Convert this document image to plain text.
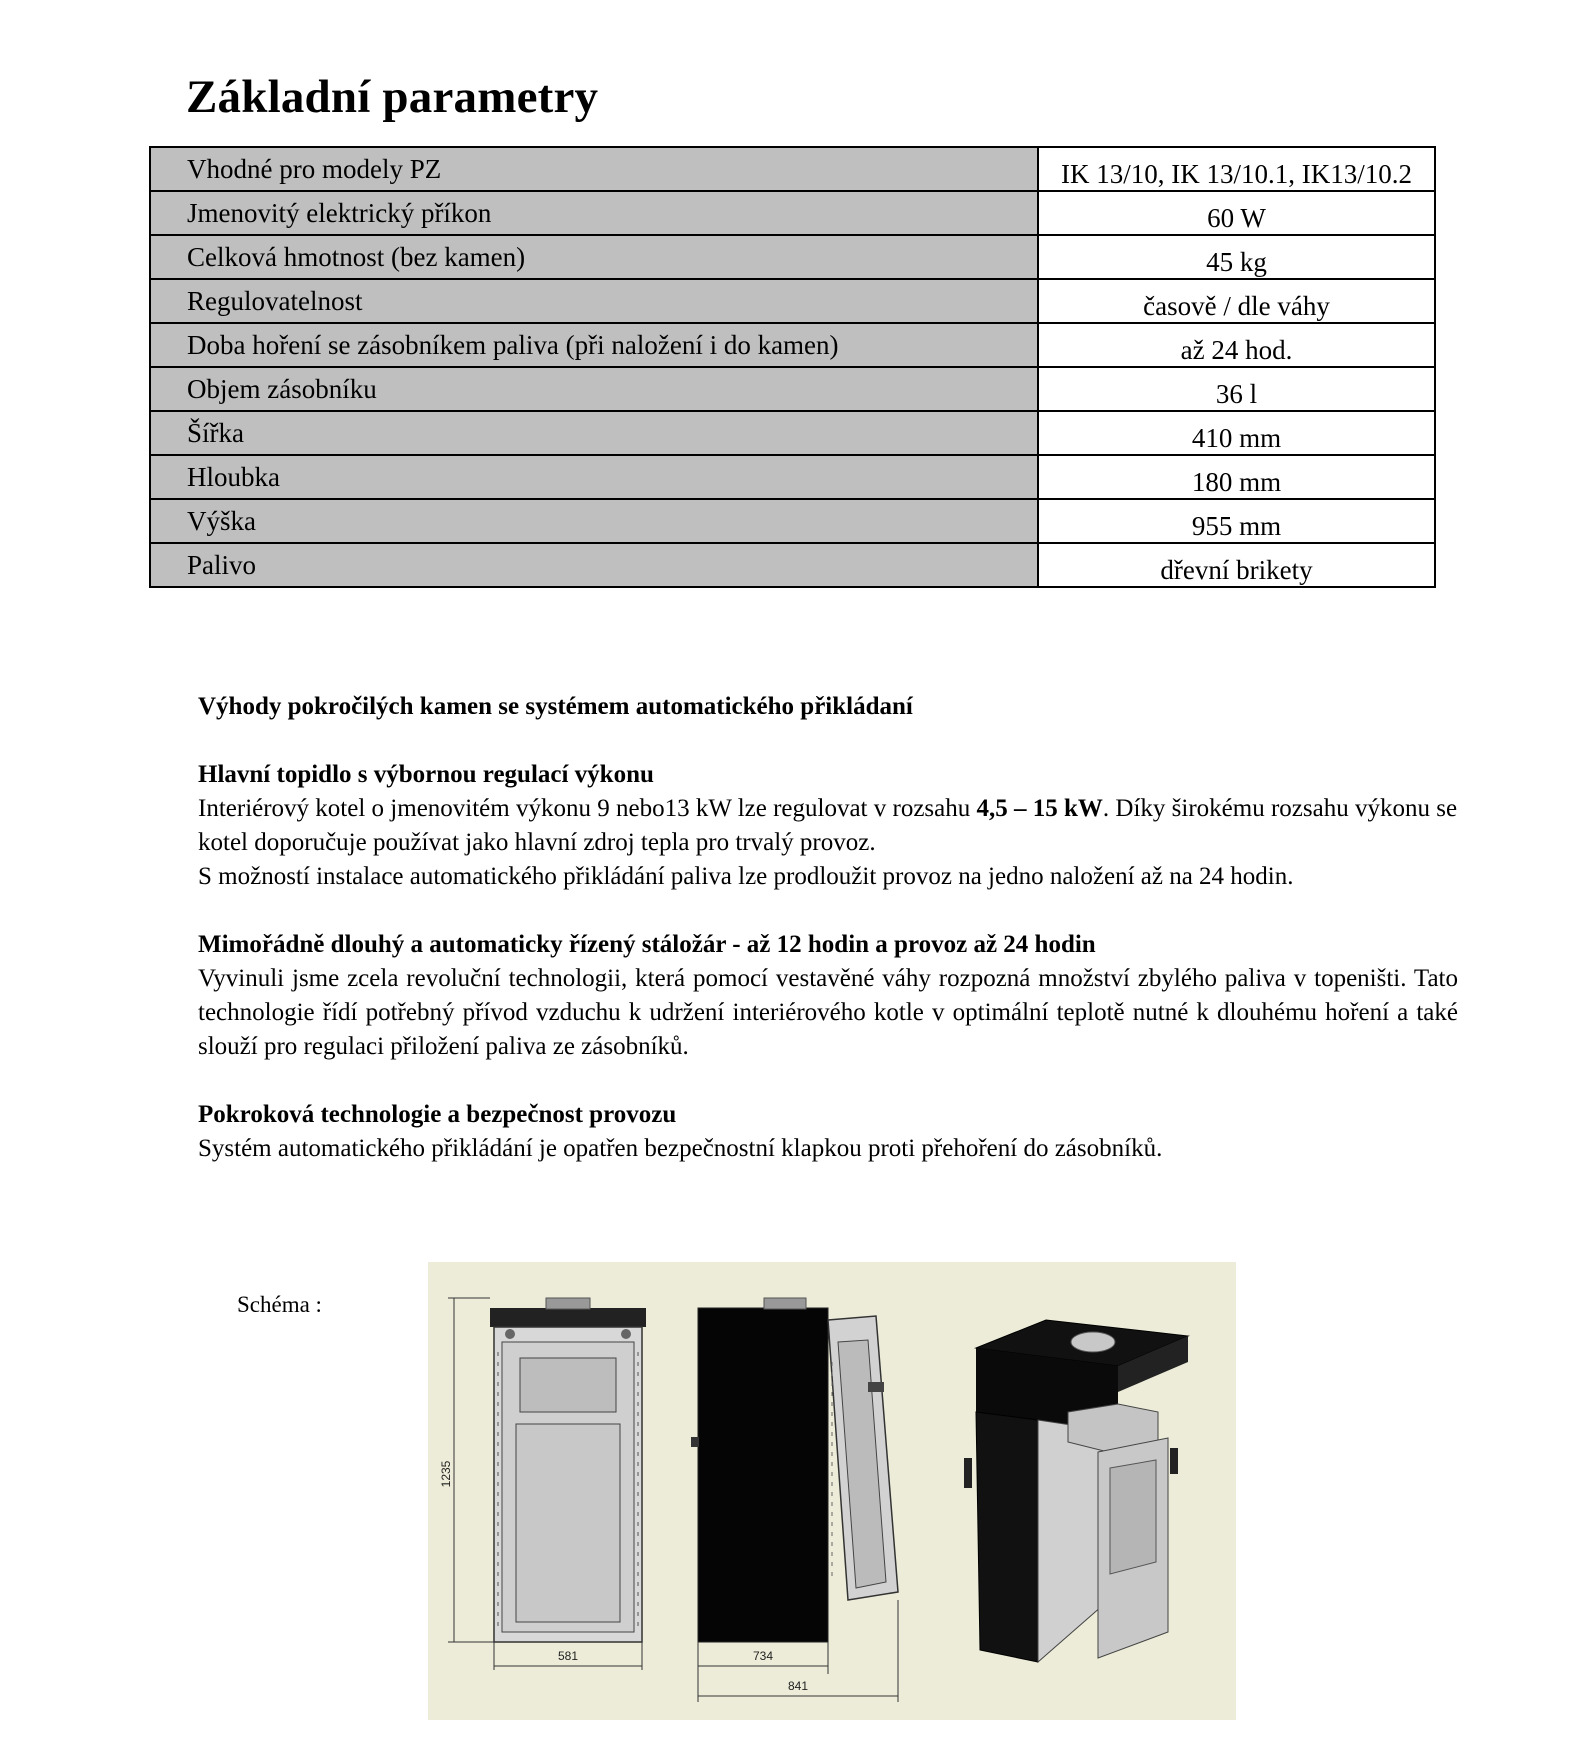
Základní parametry
Vhodné pro modely PZ	IK 13/10, IK 13/10.1, IK13/10.2
Jmenovitý elektrický příkon	60 W
Celková hmotnost (bez kamen)	45 kg
Regulovatelnost	časově / dle váhy
Doba hoření se zásobníkem paliva (při naložení i do kamen)	až 24 hod.
Objem zásobníku	36 l
Šířka	410 mm
Hloubka	180 mm
Výška	955 mm
Palivo	dřevní brikety
Výhody pokročilých kamen se systémem automatického přikládaní
Hlavní topidlo s výbornou regulací výkonu

Interiérový kotel o jmenovitém výkonu 9 nebo13 kW lze regulovat v rozsahu 4,5 – 15 kW. Díky širokému rozsahu výkonu se kotel doporučuje používat jako hlavní zdroj tepla pro trvalý provoz.

S možností instalace automatického přikládání paliva lze prodloužit provoz na jedno naložení až na 24 hodin.

Mimořádně dlouhý a automaticky řízený stáložár - až 12 hodin a provoz až 24 hodin

Vyvinuli jsme zcela revoluční technologii, která pomocí vestavěné váhy rozpozná množství zbylého paliva v topeništi. Tato technologie řídí potřebný přívod vzduchu k udržení interiérového kotle v optimální teplotě nutné k dlouhému hoření a také slouží pro regulaci přiložení paliva ze zásobníků.

Pokroková technologie a bezpečnost provozu

Systém automatického přikládání je opatřen bezpečnostní klapkou proti přehoření do zásobníků.

Schéma :
1235
581	734
841
